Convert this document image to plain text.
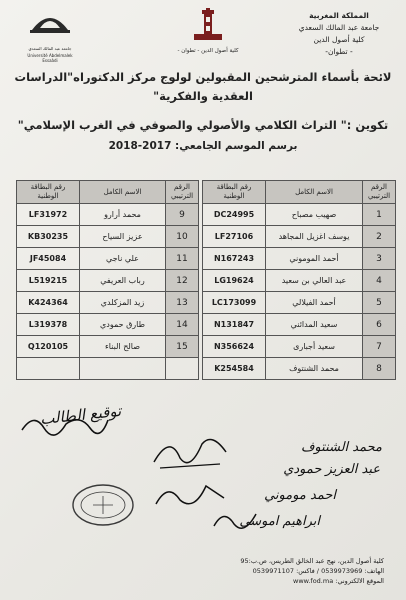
المملكة المغربية
جامعة عبد المالك السعدي
كلية أصول الدين
- تطوان-
كلية أصول الدين - تطوان -
جامعة عبد المالك السعدي
Université Abdelmalek Essaâdi
لائحة بأسماء المترشحين المقبولين لولوج مركز الدكتوراه"الدراسات العقدية والفكرية"
تكوين :" التراث الكلامي والأصولي والصوفي في الغرب الإسلامي"
برسم الموسم الجامعي: 2017-2018
الرقم الترتيبي	الاسم الكامل	رقم البطاقة الوطنية
1	صهيب مصباح	DC24995
2	يوسف اغزيل المجاهد	LF27106
3	أحمد الموموني	N167243
4	عبد العالي بن سعيد	LG19624
5	أحمد الفيلالي	LC173099
6	سعيد المدائني	N131847
7	سعيد أجبارى	N356624
8	محمد الشنتوف	K254584
الرقم الترتيبي	الاسم الكامل	رقم البطاقة الوطنية
9	محمد أرارو	LF31972
10	عزيز السياح	KB30235
11	علي ناجي	JF45084
12	رباب العريفي	L519215
13	زيد المزكلدي	K424364
14	طارق حمودي	L319378
15	صالح البناء	Q120105

توقيع الطالب
محمد الشنتوف
عبد العزيز حمودي
احمد موموني
ابراهيم اموسي
كلية أصول الدين، نهج عبد الخالق الطريس، ص.ب:95
الهاتف: 0539973969 / فاكس: 0539971107
الموقع الالكتروني: www.fod.ma
